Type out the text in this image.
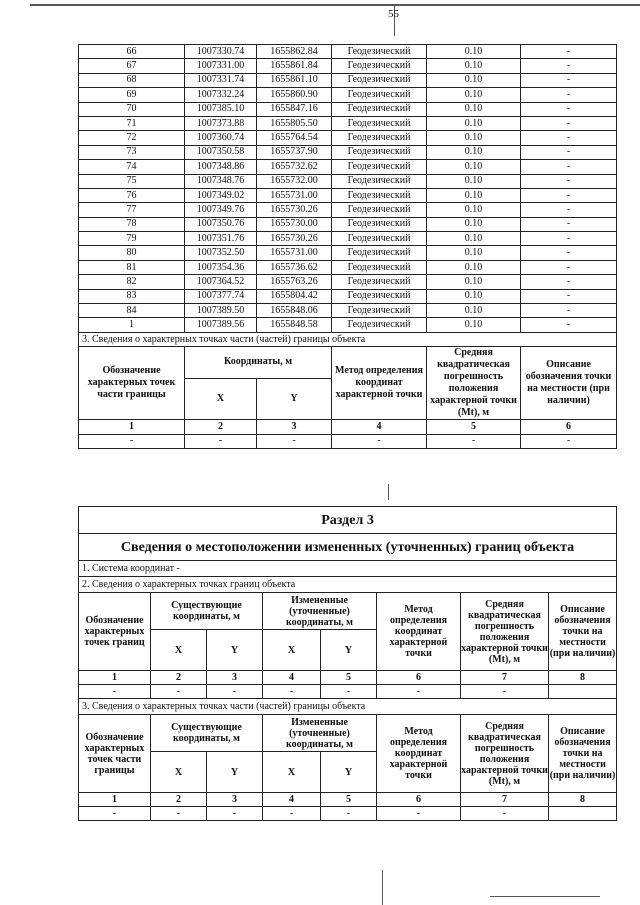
55
66	1007330.74	1655862.84	Геодезический	0.10	-
67	1007331.00	1655861.84	Геодезический	0.10	-
68	1007331.74	1655861.10	Геодезический	0.10	-
69	1007332.24	1655860.90	Геодезический	0.10	-
70	1007385.10	1655847.16	Геодезический	0.10	-
71	1007373.88	1655805.50	Геодезический	0.10	-
72	1007360.74	1655764.54	Геодезический	0.10	-
73	1007350.58	1655737.90	Геодезический	0.10	-
74	1007348.86	1655732.62	Геодезический	0.10	-
75	1007348.76	1655732.00	Геодезический	0.10	-
76	1007349.02	1655731.00	Геодезический	0.10	-
77	1007349.76	1655730.26	Геодезический	0.10	-
78	1007350.76	1655730.00	Геодезический	0.10	-
79	1007351.76	1655730.26	Геодезический	0.10	-
80	1007352.50	1655731.00	Геодезический	0.10	-
81	1007354.36	1655736.62	Геодезический	0.10	-
82	1007364.52	1655763.26	Геодезический	0.10	-
83	1007377.74	1655804.42	Геодезический	0.10	-
84	1007389.50	1655848.06	Геодезический	0.10	-
1	1007389.56	1655848.58	Геодезический	0.10	-
3. Сведения о характерных точках части (частей) границы объекта					
Обозначение характерных точек части границы	Координаты, м		Метод определения координат характерной точки	Средняя квадратическая погрешность положения характерной точки (Mt), м	Описание обозначения точки на местности (при наличии)
	X	Y			
1	2	3	4	5	6
-	-	-	-	-	-
Раздел 3							
Сведения о местоположении измененных (уточненных) границ объекта							
1. Система координат -							
2. Сведения о характерных точках границ объекта							
Обозначение характерных точек границ	Существующие координаты, м		Измененные (уточненные) координаты, м		Метод определения координат характерной точки	Средняя квадратическая погрешность положения характерной точки (Mt), м	Описание обозначения точки на местности (при наличии)
	X	Y	X	Y			
1	2	3	4	5	6	7	8
-	-	-	-	-	-	-	
3. Сведения о характерных точках части (частей) границы объекта							
Обозначение характерных точек части границы	Существующие координаты, м		Измененные (уточненные) координаты, м		Метод определения координат характерной точки	Средняя квадратическая погрешность положения характерной точки (Mt), м	Описание обозначения точки на местности (при наличии)
	X	Y	X	Y			
1	2	3	4	5	6	7	8
-	-	-	-	-	-	-	
